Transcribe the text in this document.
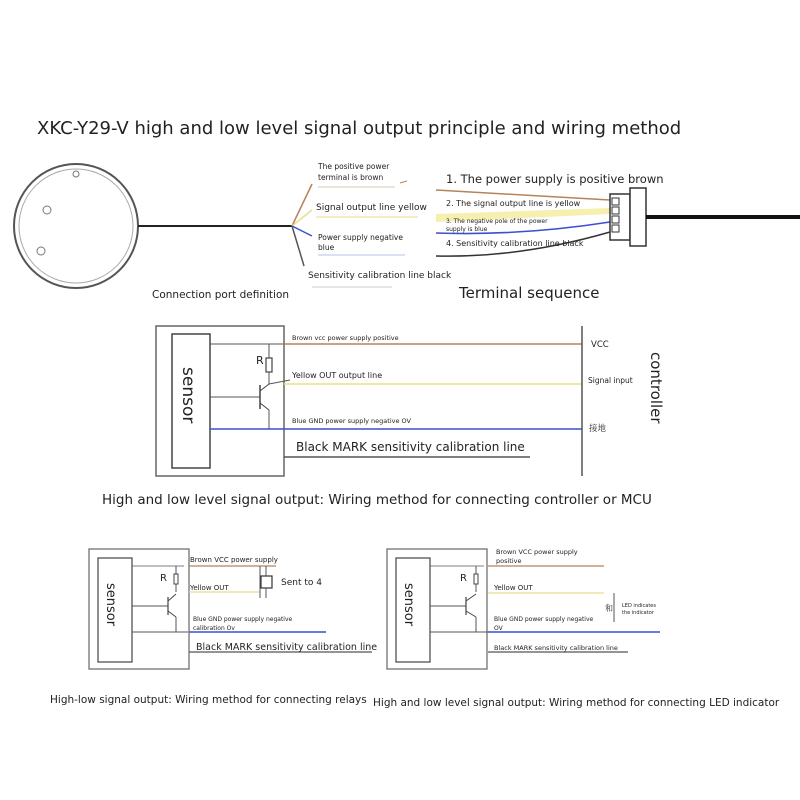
XKC-Y29-V high and low level signal output principle and wiring method
The positive power
terminal is brown
Signal output line yellow
Power supply negative
blue
Sensitivity calibration line black
Connection port definition
1. The power supply is positive brown
2. The signal output line is yellow
3. The negative pole of the power
supply is blue
4. Sensitivity calibration line black
Terminal sequence
sensor
R
Brown vcc power supply positive
Yellow OUT output line
Blue GND power supply negative OV
Black MARK sensitivity calibration line
VCC
Signal input
接地
controller
High and low level signal output: Wiring method for connecting controller or MCU
sensor
R
Brown VCC power supply
Yellow OUT
Blue GND power supply negative
calibration Ov
Black MARK sensitivity calibration line
Sent to 4
High-low signal output: Wiring method for connecting relays
sensor
R
Brown VCC power supply
positive
Yellow OUT
Blue GND power supply negative
OV
Black MARK sensitivity calibration line
和 LED indicates
the indicator
High and low level signal output: Wiring method for connecting LED indicator
